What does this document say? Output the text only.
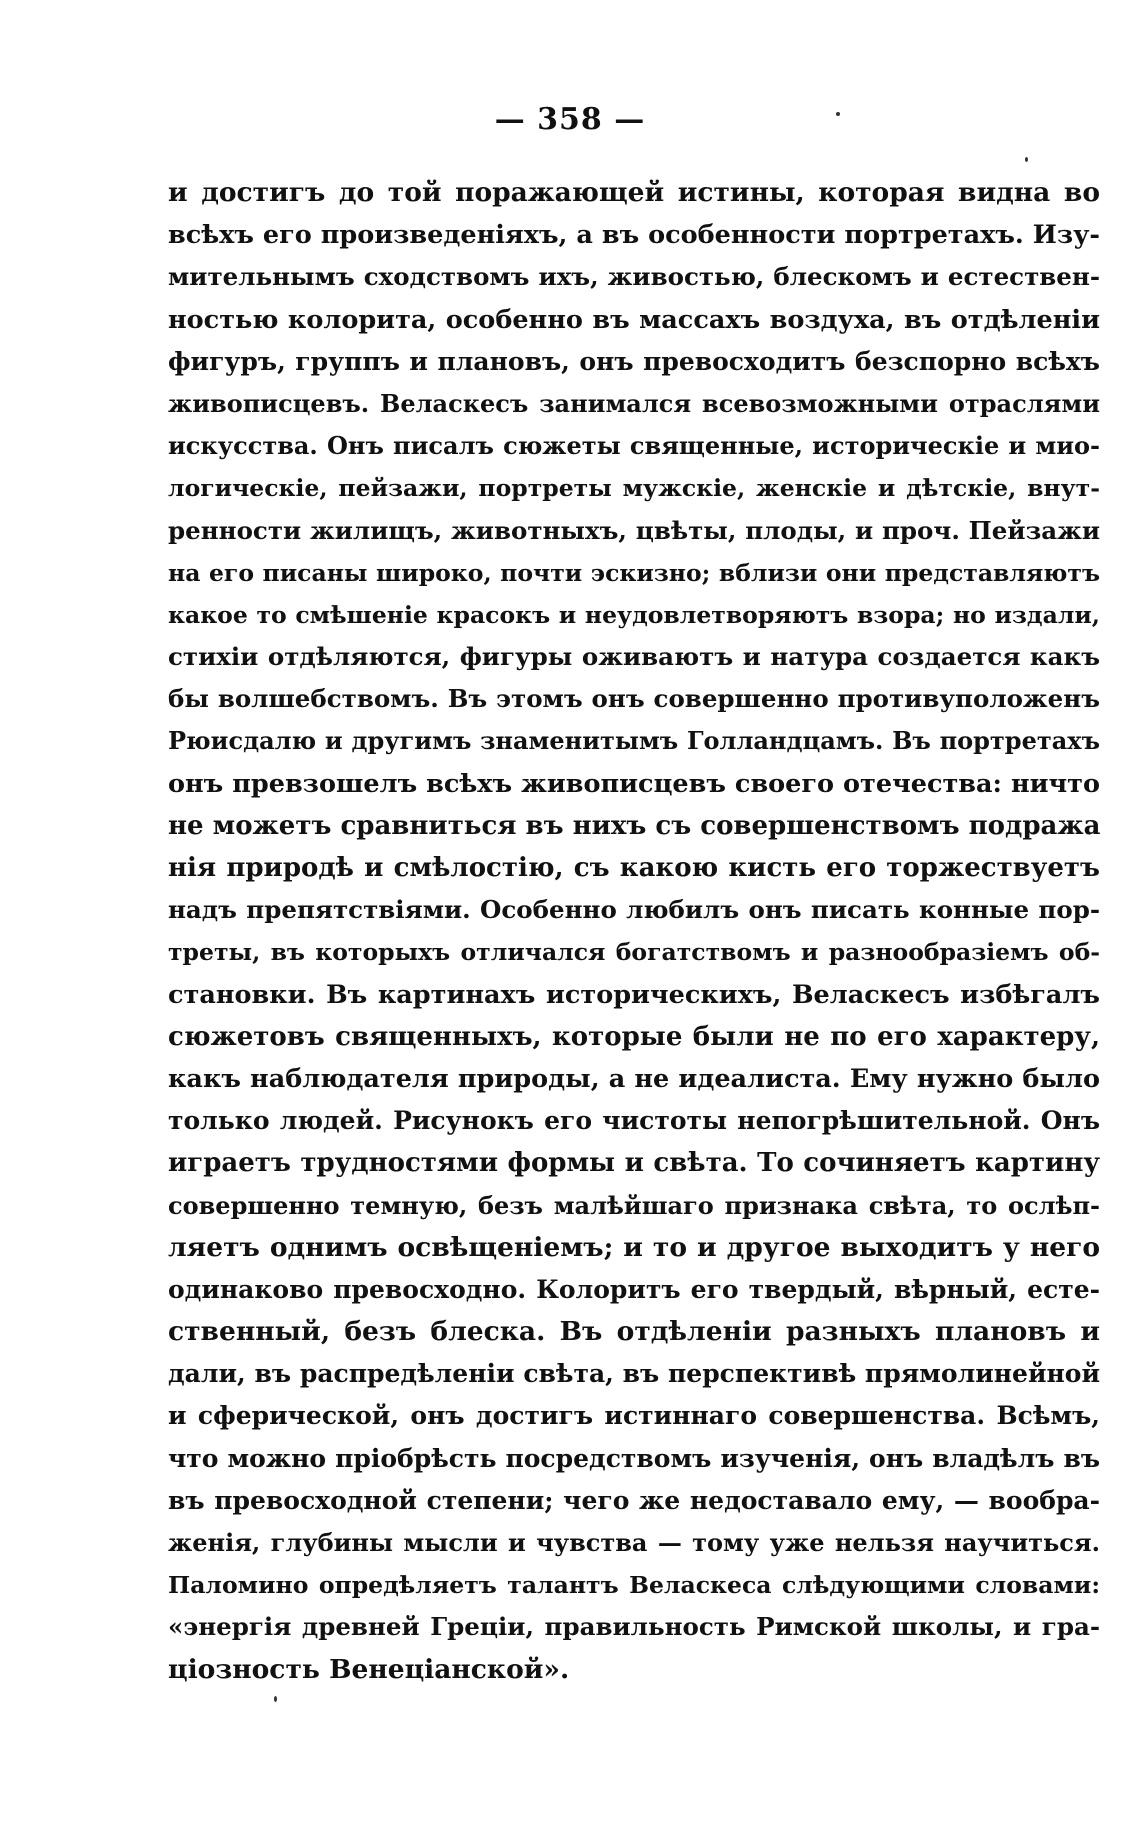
— 358 —
и достигъ до той поражающей истины, которая видна во
всѣхъ его произведеніяхъ, а въ особенности портретахъ. Изу-
мительнымъ сходствомъ ихъ, живостью, блескомъ и естествен-
ностью колорита, особенно въ массахъ воздуха, въ отдѣленіи
фигуръ, группъ и плановъ, онъ превосходитъ безспорно всѣхъ
живописцевъ. Веласкесъ занимался всевозможными отраслями
искусства. Онъ писалъ сюжеты священные, историческіе и мио-
логическіе, пейзажи, портреты мужскіе, женскіе и дѣтскіе, внут-
ренности жилищъ, животныхъ, цвѣты, плоды, и проч. Пейзажи
на его писаны широко, почти эскизно; вблизи они представляютъ
какое то смѣшеніе красокъ и неудовлетворяютъ взора; но издали,
стихіи отдѣляются, фигуры оживаютъ и натура создается какъ
бы волшебствомъ. Въ этомъ онъ совершенно противуположенъ
Рюисдалю и другимъ знаменитымъ Голландцамъ. Въ портретахъ
онъ превзошелъ всѣхъ живописцевъ своего отечества: ничто
не можетъ сравниться въ нихъ съ совершенствомъ подража
нія природѣ и смѣлостію, съ какою кисть его торжествуетъ
надъ препятствіями. Особенно любилъ онъ писать конные пор-
треты, въ которыхъ отличался богатствомъ и разнообразіемъ об-
становки. Въ картинахъ историческихъ, Веласкесъ избѣгалъ
сюжетовъ священныхъ, которые были не по его характеру,
какъ наблюдателя природы, а не идеалиста. Ему нужно было
только людей. Рисунокъ его чистоты непогрѣшительной. Онъ
играетъ трудностями формы и свѣта. То сочиняетъ картину
совершенно темную, безъ малѣйшаго признака свѣта, то ослѣп-
ляетъ однимъ освѣщеніемъ; и то и другое выходитъ у него
одинаково превосходно. Колоритъ его твердый, вѣрный, есте-
ственный, безъ блеска. Въ отдѣленіи разныхъ плановъ и
дали, въ распредѣленіи свѣта, въ перспективѣ прямолинейной
и сферической, онъ достигъ истиннаго совершенства. Всѣмъ,
что можно пріобрѣсть посредствомъ изученія, онъ владѣлъ въ
въ превосходной степени; чего же недоставало ему, — вообра-
женія, глубины мысли и чувства — тому уже нельзя научиться.
Паломино опредѣляетъ талантъ Веласкеса слѣдующими словами:
«энергія древней Греціи, правильность Римской школы, и гра-
ціозность Венеціанской».
